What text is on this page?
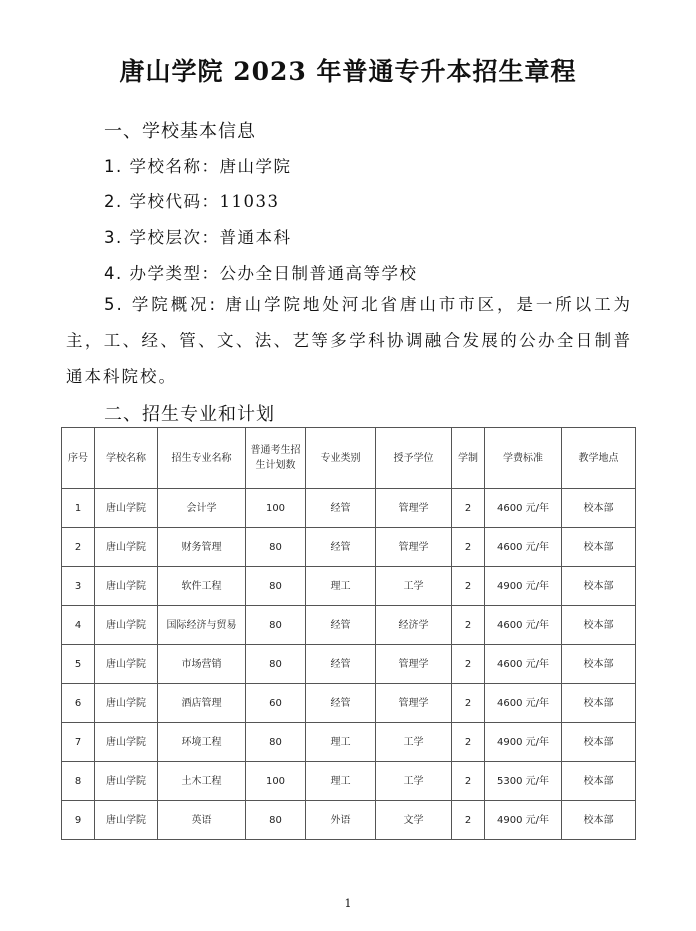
唐山学院 2023 年普通专升本招生章程
一、学校基本信息
1. 学校名称：唐山学院
2. 学校代码：11033
3. 学校层次：普通本科
4. 办学类型：公办全日制普通高等学校
5. 学院概况: 唐山学院地处河北省唐山市市区，是一所以工为主，工、经、管、文、法、艺等多学科协调融合发展的公办全日制普通本科院校。
二、招生专业和计划
序号	学校名称	招生专业名称	普通考生招生计划数	专业类别	授予学位	学制	学费标准	教学地点
1	唐山学院	会计学	100	经管	管理学	2	4600 元/年	校本部
2	唐山学院	财务管理	80	经管	管理学	2	4600 元/年	校本部
3	唐山学院	软件工程	80	理工	工学	2	4900 元/年	校本部
4	唐山学院	国际经济与贸易	80	经管	经济学	2	4600 元/年	校本部
5	唐山学院	市场营销	80	经管	管理学	2	4600 元/年	校本部
6	唐山学院	酒店管理	60	经管	管理学	2	4600 元/年	校本部
7	唐山学院	环境工程	80	理工	工学	2	4900 元/年	校本部
8	唐山学院	土木工程	100	理工	工学	2	5300 元/年	校本部
9	唐山学院	英语	80	外语	文学	2	4900 元/年	校本部
1
